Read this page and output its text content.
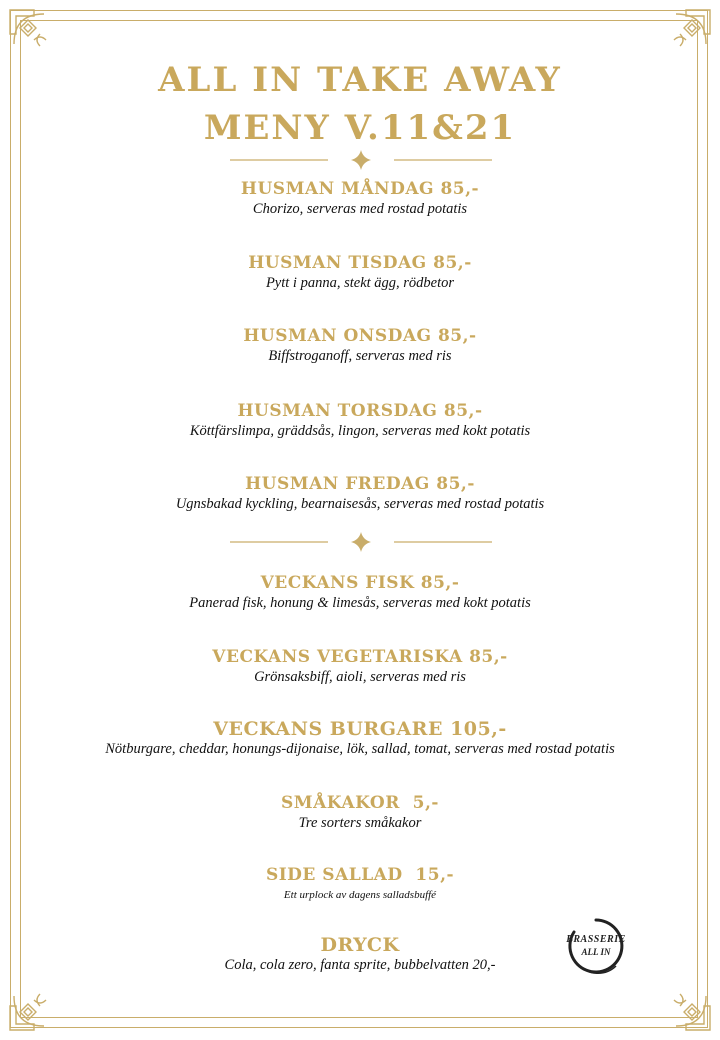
ALL IN TAKE AWAY
MENY V.11&21
HUSMAN MÅNDAG 85,-
Chorizo, serveras med rostad potatis
HUSMAN TISDAG 85,-
Pytt i panna, stekt ägg, rödbetor
HUSMAN ONSDAG 85,-
Biffstroganoff, serveras med ris
HUSMAN TORSDAG 85,-
Köttfärslimpa, gräddsås, lingon, serveras med kokt potatis
HUSMAN FREDAG 85,-
Ugnsbakad kyckling, bearnaisesås, serveras med rostad potatis
VECKANS FISK 85,-
Panerad fisk, honung & limesås, serveras med kokt potatis
VECKANS VEGETARISKA 85,-
Grönsaksbiff, aioli, serveras med ris
VECKANS BURGARE 105,-
Nötburgare, cheddar, honungs-dijonaise, lök, sallad, tomat, serveras med rostad potatis
SMÅKAKOR  5,-
Tre sorters småkakor
SIDE SALLAD  15,-
Ett urplock av dagens salladsbuffé
DRYCK
Cola, cola zero, fanta sprite, bubbelvatten 20,-
BRASSERIE
ALL IN
